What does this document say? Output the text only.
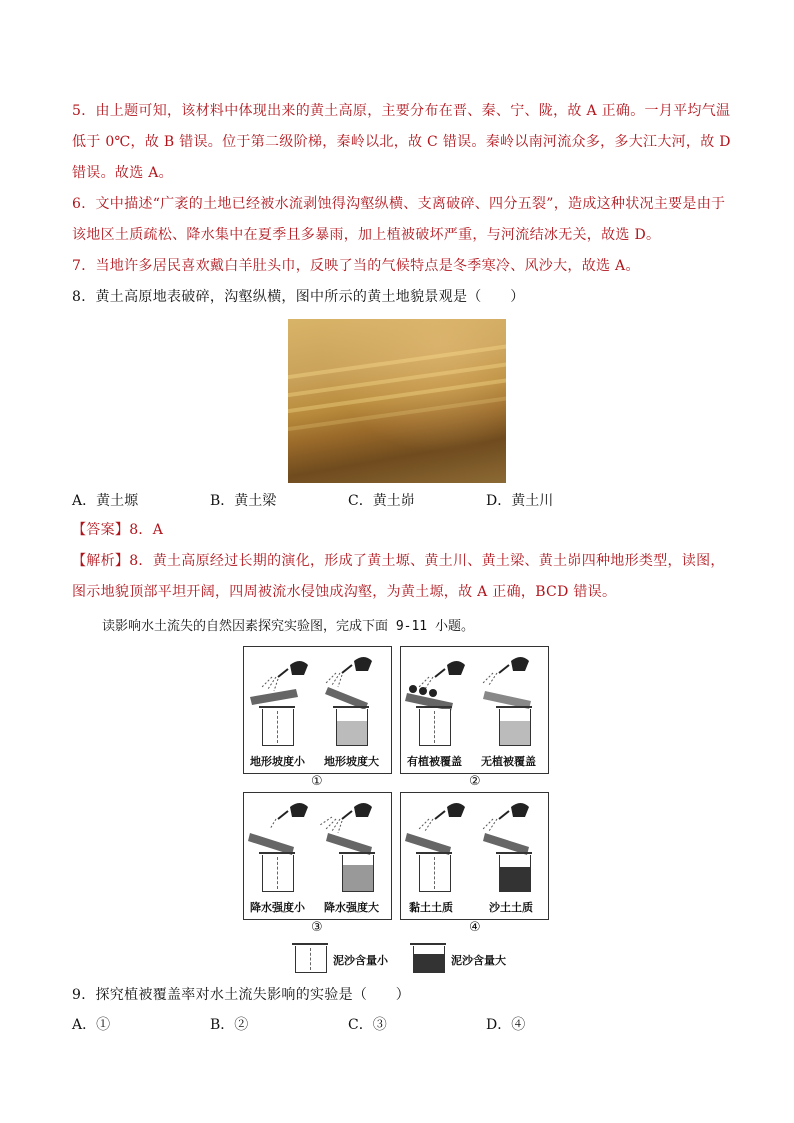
5．由上题可知，该材料中体现出来的黄土高原，主要分布在晋、秦、宁、陇，故 A 正确。一月平均气温低于 0℃，故 B 错误。位于第二级阶梯，秦岭以北，故 C 错误。秦岭以南河流众多，多大江大河，故 D 错误。故选 A。
6．文中描述“广袤的土地已经被水流剥蚀得沟壑纵横、支离破碎、四分五裂”，造成这种状况主要是由于该地区土质疏松、降水集中在夏季且多暴雨，加上植被破坏严重，与河流结冰无关，故选 D。
7．当地许多居民喜欢戴白羊肚头巾，反映了当的气候特点是冬季寒冷、风沙大，故选 A。
8．黄土高原地表破碎，沟壑纵横，图中所示的黄土地貌景观是（　　）
A．黄土塬	B．黄土梁	C．黄土峁	D．黄土川
【答案】8．A
【解析】8．黄土高原经过长期的演化，形成了黄土塬、黄土川、黄土梁、黄土峁四种地形类型，读图，图示地貌顶部平坦开阔，四周被流水侵蚀成沟壑，为黄土塬，故 A 正确，BCD 错误。
读影响水土流失的自然因素探究实验图，完成下面 9-11 小题。
地形坡度小 地形坡度大
①
有植被覆盖 无植被覆盖
②
降水强度小 降水强度大
③
黏土土质	沙土土质
④
泥沙含量小	泥沙含量大
9．探究植被覆盖率对水土流失影响的实验是（　　）
A．①	B．②	C．③	D．④
